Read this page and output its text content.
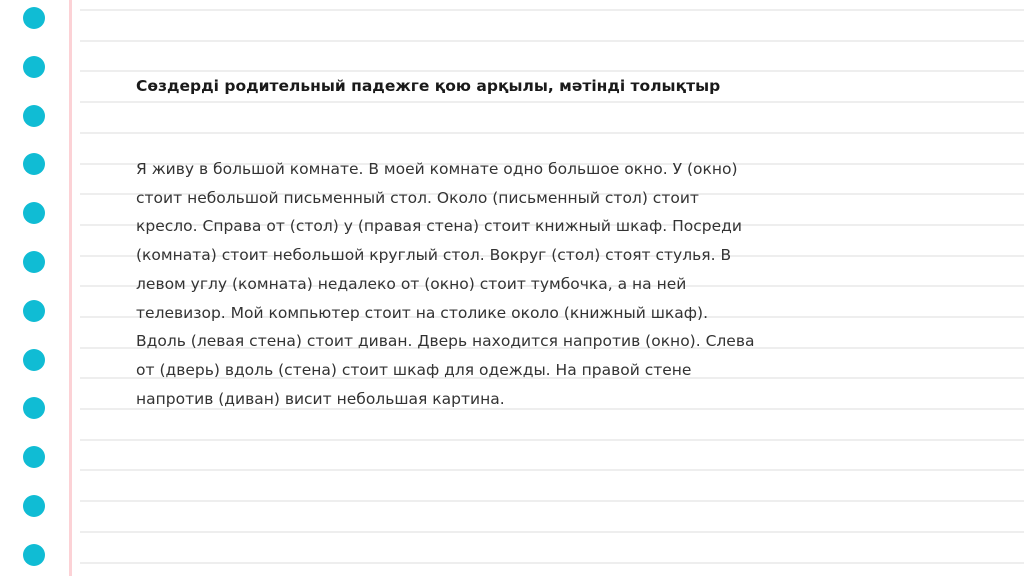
Сөздерді родительный падежге қою арқылы, мәтінді толықтыр

Я живу в большой комнате. В моей комнате одно большое окно. У (окно)
стоит небольшой письменный стол. Около (письменный стол) стоит
кресло. Справа от (стол) у (правая стена) стоит книжный шкаф. Посреди
(комната) стоит небольшой круглый стол. Вокруг (стол) стоят стулья. В
левом углу (комната) недалеко от (окно) стоит тумбочка, а на ней
телевизор. Мой компьютер стоит на столике около (книжный шкаф).
Вдоль (левая стена) стоит диван. Дверь находится напротив (окно). Слева
от (дверь) вдоль (стена) стоит шкаф для одежды. На правой стене
напротив (диван) висит небольшая картина.
